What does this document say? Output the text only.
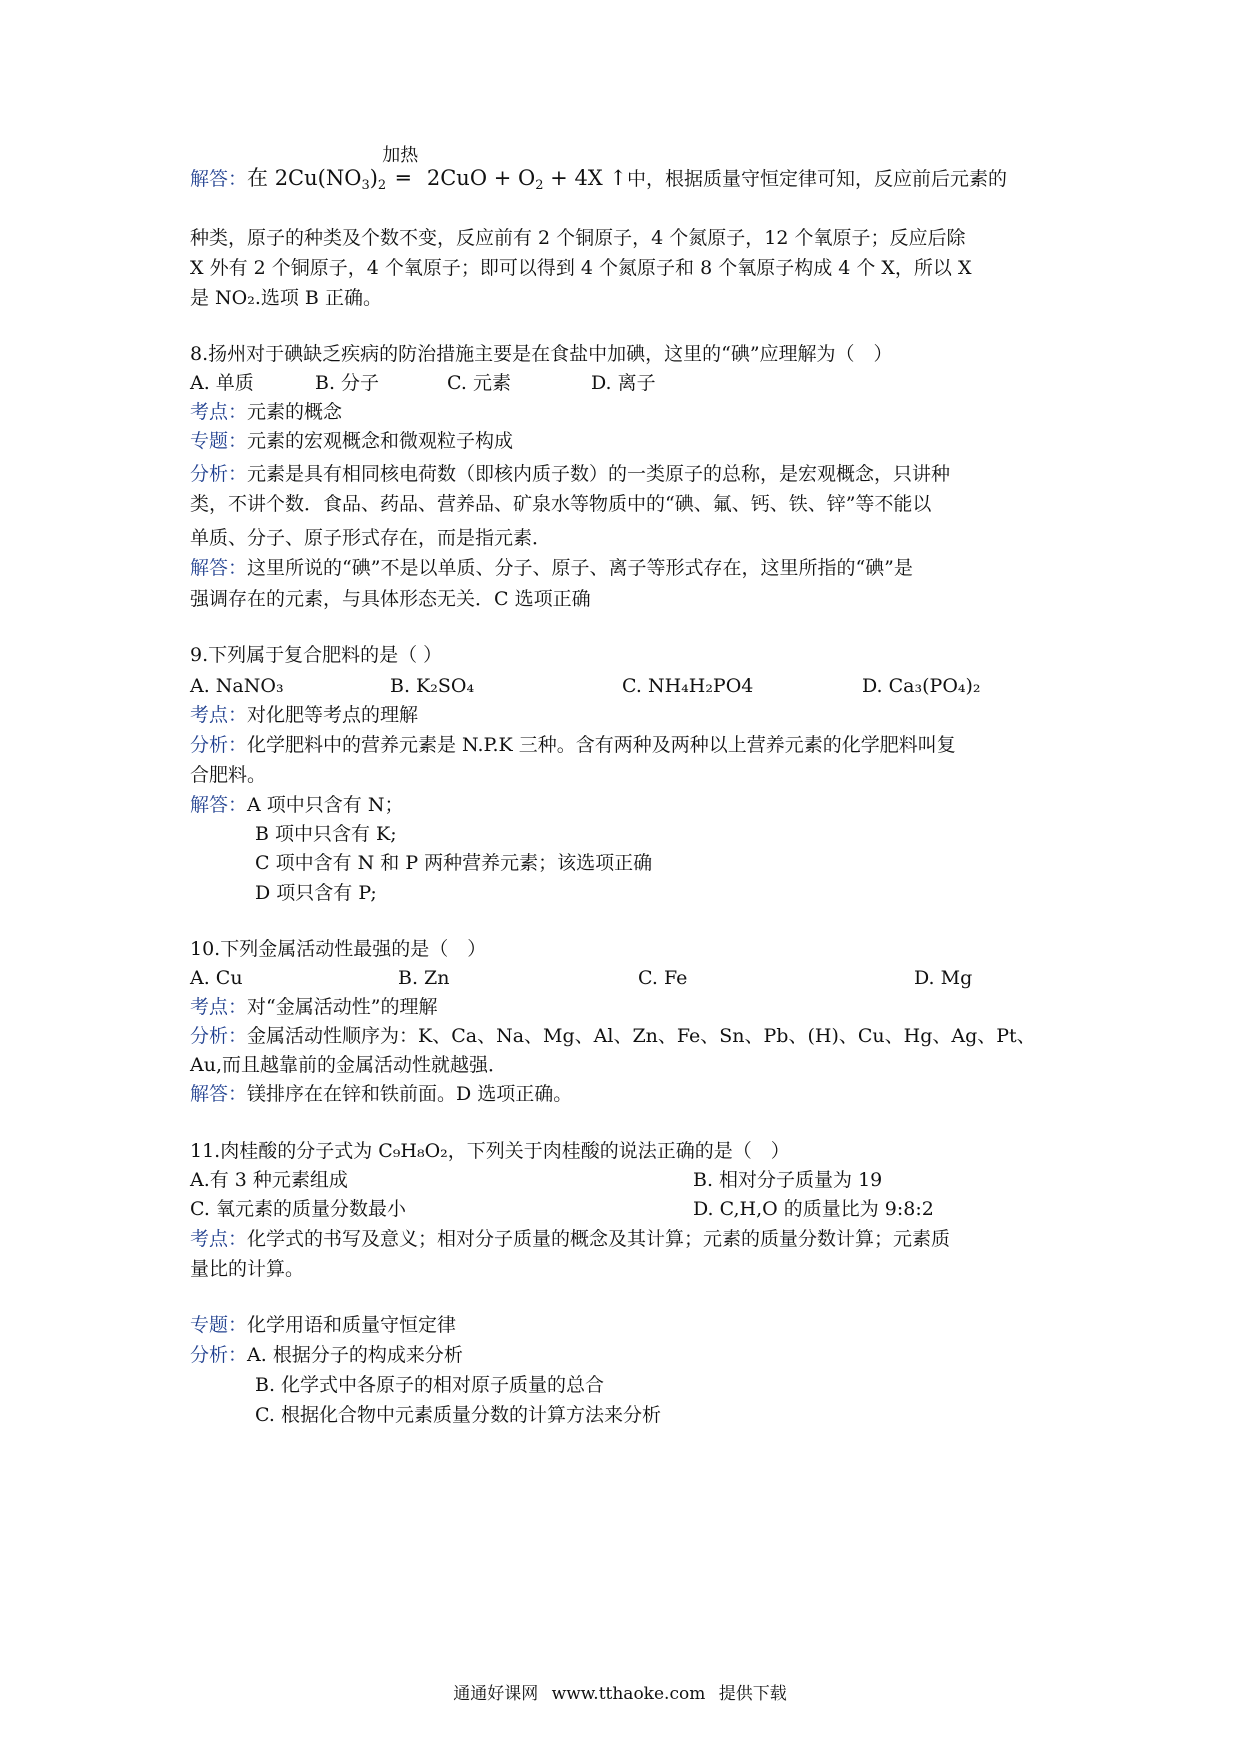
解答：在 $2Cu(NO_3)_2$
加热
═ $2CuO + O_2 + 4X$ ↑中，根据质量守恒定律可知，反应前后元素的
种类，原子的种类及个数不变，反应前有 2 个铜原子，4 个氮原子，12 个氧原子；反应后除
X 外有 2 个铜原子，4 个氧原子；即可以得到 4 个氮原子和 8 个氧原子构成 4 个 X，所以 X
是 NO₂.选项 B 正确。
8.扬州对于碘缺乏疾病的防治措施主要是在食盐中加碘，这里的“碘”应理解为（　）
A. 单质	B. 分子	C. 元素	D. 离子
考点：元素的概念
专题：元素的宏观概念和微观粒子构成
分析：元素是具有相同核电荷数（即核内质子数）的一类原子的总称，是宏观概念，只讲种
类，不讲个数．食品、药品、营养品、矿泉水等物质中的“碘、氟、钙、铁、锌”等不能以
单质、分子、原子形式存在，而是指元素．
解答：这里所说的“碘”不是以单质、分子、原子、离子等形式存在，这里所指的“碘”是
强调存在的元素，与具体形态无关．C 选项正确
9.下列属于复合肥料的是（ ）
A. NaNO₃	B. K₂SO₄	C. NH₄H₂PO4	D. Ca₃(PO₄)₂
考点：对化肥等考点的理解
分析：化学肥料中的营养元素是 N.P.K 三种。含有两种及两种以上营养元素的化学肥料叫复
合肥料。
解答：A 项中只含有 N；
B 项中只含有 K;
C 项中含有 N 和 P 两种营养元素；该选项正确
D 项只含有 P;
10.下列金属活动性最强的是（　）
A. Cu	B. Zn	C. Fe	D. Mg
考点：对“金属活动性”的理解
分析：金属活动性顺序为：K、Ca、Na、Mg、Al、Zn、Fe、Sn、Pb、(H)、Cu、Hg、Ag、Pt、
Au,而且越靠前的金属活动性就越强．
解答：镁排序在在锌和铁前面。D 选项正确。
11.肉桂酸的分子式为 C₉H₈O₂，下列关于肉桂酸的说法正确的是（　）
A.有 3 种元素组成	B. 相对分子质量为 19
C. 氧元素的质量分数最小	D. C,H,O 的质量比为 9:8:2
考点：化学式的书写及意义；相对分子质量的概念及其计算；元素的质量分数计算；元素质
量比的计算。
专题：化学用语和质量守恒定律
分析：A. 根据分子的构成来分析
B. 化学式中各原子的相对原子质量的总合
C. 根据化合物中元素质量分数的计算方法来分析
通通好课网 www.tthaoke.com 提供下载
